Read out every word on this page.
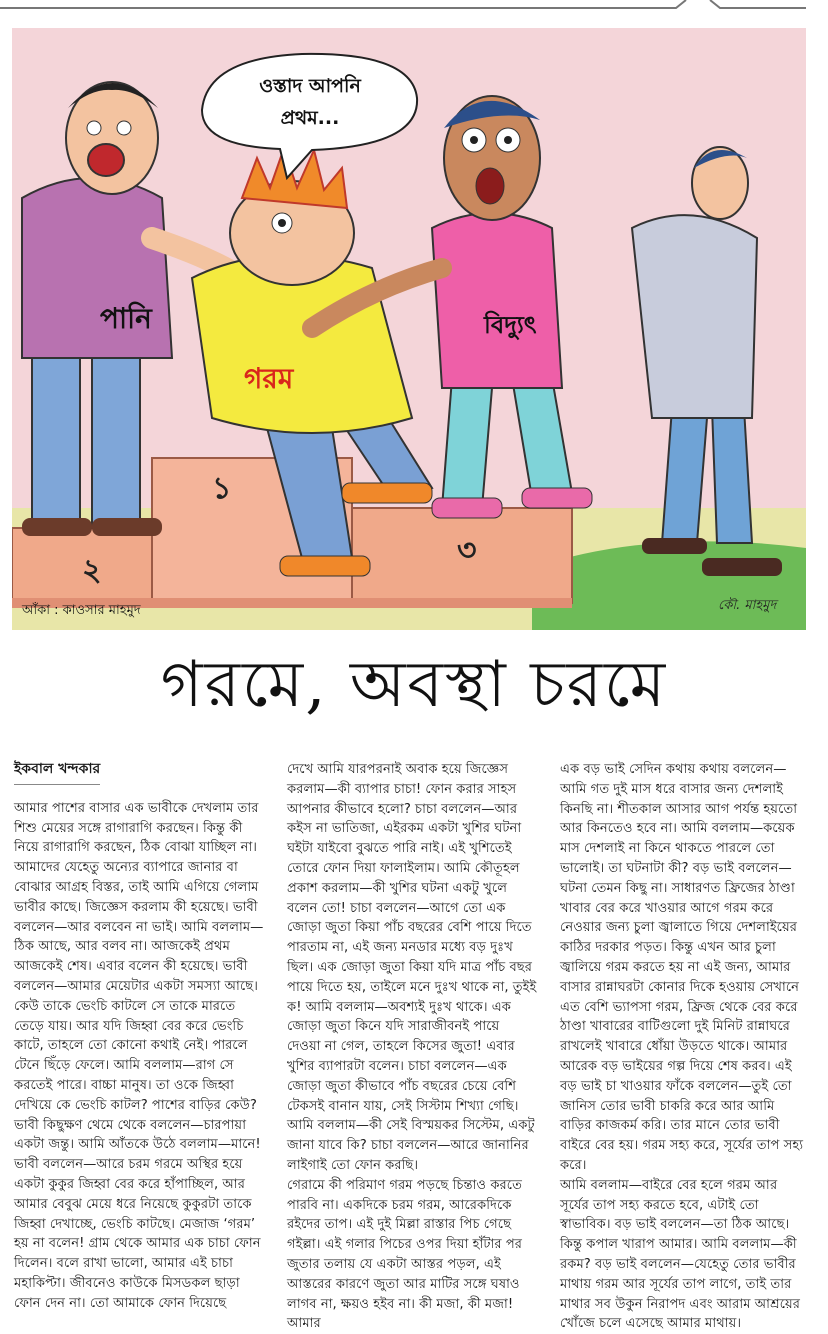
পানি
গরম
বিদ্যুৎ
ওস্তাদ আপনি
প্রথম...
২
১
৩
আঁকা : কাওসার মাহমুদ	কৌ. মাহমুদ
গরমে, অবস্থা চরমে

ইকবাল খন্দকার

আমার পাশের বাসার এক ভাবীকে দেখলাম তার শিশু মেয়ের সঙ্গে রাগারাগি করছেন। কিন্তু কী নিয়ে রাগারাগি করছেন, ঠিক বোঝা যাচ্ছিল না। আমাদের যেহেতু অন্যের ব্যাপারে জানার বা বোঝার আগ্রহ বিস্তর, তাই আমি এগিয়ে গেলাম ভাবীর কাছে। জিজ্ঞেস করলাম কী হয়েছে। ভাবী বললেন—আর বলবেন না ভাই। আমি বললাম—ঠিক আছে, আর বলব না। আজকেই প্রথম আজকেই শেষ। এবার বলেন কী হয়েছে। ভাবী বললেন—আমার মেয়েটার একটা সমস্যা আছে। কেউ তাকে ভেংচি কাটলে সে তাকে মারতে তেড়ে যায়। আর যদি জিহ্বা বের করে ভেংচি কাটে, তাহলে তো কোনো কথাই নেই। পারলে টেনে ছিঁড়ে ফেলে। আমি বললাম—রাগ সে করতেই পারে। বাচ্চা মানুষ। তা ওকে জিহ্বা দেখিয়ে কে ভেংচি কাটল? পাশের বাড়ির কেউ? ভাবী কিছুক্ষণ থেমে থেকে বললেন—চারপায়া একটা জন্তু। আমি আঁতকে উঠে বললাম—মানে! ভাবী বললেন—আরে চরম গরমে অস্থির হয়ে একটা কুকুর জিহ্বা বের করে হাঁপাচ্ছিল, আর আমার বেবুঝ মেয়ে ধরে নিয়েছে কুকুরটা তাকে জিহ্বা দেখাচ্ছে, ভেংচি কাটছে। মেজাজ ‘গরম’ হয় না বলেন! গ্রাম থেকে আমার এক চাচা ফোন দিলেন। বলে রাখা ভালো, আমার এই চাচা মহাকিপ্টা। জীবনেও কাউকে মিসডকল ছাড়া ফোন দেন না। তো আমাকে ফোন দিয়েছে

দেখে আমি যারপরনাই অবাক হয়ে জিজ্ঞেস করলাম—কী ব্যাপার চাচা! ফোন করার সাহস আপনার কীভাবে হলো? চাচা বললেন—আর কইস না ভাতিজা, এইরকম একটা খুশির ঘটনা ঘইটা যাইবো বুঝতে পারি নাই। এই খুশিতেই তোরে ফোন দিয়া ফালাইলাম। আমি কৌতূহল প্রকাশ করলাম—কী খুশির ঘটনা একটু খুলে বলেন তো! চাচা বললেন—আগে তো এক জোড়া জুতা কিয়া পাঁচ বছরের বেশি পায়ে দিতে পারতাম না, এই জন্য মনডার মধ্যে বড় দুঃখ ছিল। এক জোড়া জুতা কিয়া যদি মাত্র পাঁচ বছর পায়ে দিতে হয়, তাইলে মনে দুঃখ থাকে না, তুইই ক! আমি বললাম—অবশ্যই দুঃখ থাকে। এক জোড়া জুতা কিনে যদি সারাজীবনই পায়ে দেওয়া না গেল, তাহলে কিসের জুতা! এবার খুশির ব্যাপারটা বলেন। চাচা বললেন—এক জোড়া জুতা কীভাবে পাঁচ বছরের চেয়ে বেশি টেকসই বানান যায়, সেই সিস্টাম শিখ্যা গেছি। আমি বললাম—কী সেই বিস্ময়কর সিস্টেম, একটু জানা যাবে কি? চাচা বললেন—আরে জানানির লাইগাই তো ফোন করছি।

গেরামে কী পরিমাণ গরম পড়ছে চিন্তাও করতে পারবি না। একদিকে চরম গরম, আরেকদিকে রইদের তাপ। এই দুই মিল্লা রাস্তার পিচ গেছে গইল্লা। এই গলার পিচের ওপর দিয়া হাঁটার পর জুতার তলায় যে একটা আস্তর পড়ল, এই আস্তরের কারণে জুতা আর মাটির সঙ্গে ঘষাও লাগব না, ক্ষয়ও হইব না। কী মজা, কী মজা! আমার

এক বড় ভাই সেদিন কথায় কথায় বললেন—আমি গত দুই মাস ধরে বাসার জন্য দেশলাই কিনছি না। শীতকাল আসার আগ পর্যন্ত হয়তো আর কিনতেও হবে না। আমি বললাম—কয়েক মাস দেশলাই না কিনে থাকতে পারলে তো ভালোই। তা ঘটনাটা কী? বড় ভাই বললেন—ঘটনা তেমন কিছু না। সাধারণত ফ্রিজের ঠাণ্ডা খাবার বের করে খাওয়ার আগে গরম করে নেওয়ার জন্য চুলা জ্বালাতে গিয়ে দেশলাইয়ের কাঠির দরকার পড়ত। কিন্তু এখন আর চুলা জ্বালিয়ে গরম করতে হয় না এই জন্য, আমার বাসার রান্নাঘরটা কোনার দিকে হওয়ায় সেখানে এত বেশি ভ্যাপসা গরম, ফ্রিজ থেকে বের করে ঠাণ্ডা খাবারের বাটিগুলো দুই মিনিট রান্নাঘরে রাখলেই খাবারে ধোঁয়া উড়তে থাকে। আমার আরেক বড় ভাইয়ের গল্প দিয়ে শেষ করব। এই বড় ভাই চা খাওয়ার ফাঁকে বললেন—তুই তো জানিস তোর ভাবী চাকরি করে আর আমি বাড়ির কাজকর্ম করি। তার মানে তোর ভাবী বাইরে বের হয়। গরম সহ্য করে, সূর্যের তাপ সহ্য করে।

আমি বললাম—বাইরে বের হলে গরম আর সূর্যের তাপ সহ্য করতে হবে, এটাই তো স্বাভাবিক। বড় ভাই বললেন—তা ঠিক আছে। কিন্তু কপাল খারাপ আমার। আমি বললাম—কী রকম? বড় ভাই বললেন—যেহেতু তোর ভাবীর মাথায় গরম আর সূর্যের তাপ লাগে, তাই তার মাথার সব উকুন নিরাপদ এবং আরাম আশ্রয়ের খোঁজে চলে এসেছে আমার মাথায়।
